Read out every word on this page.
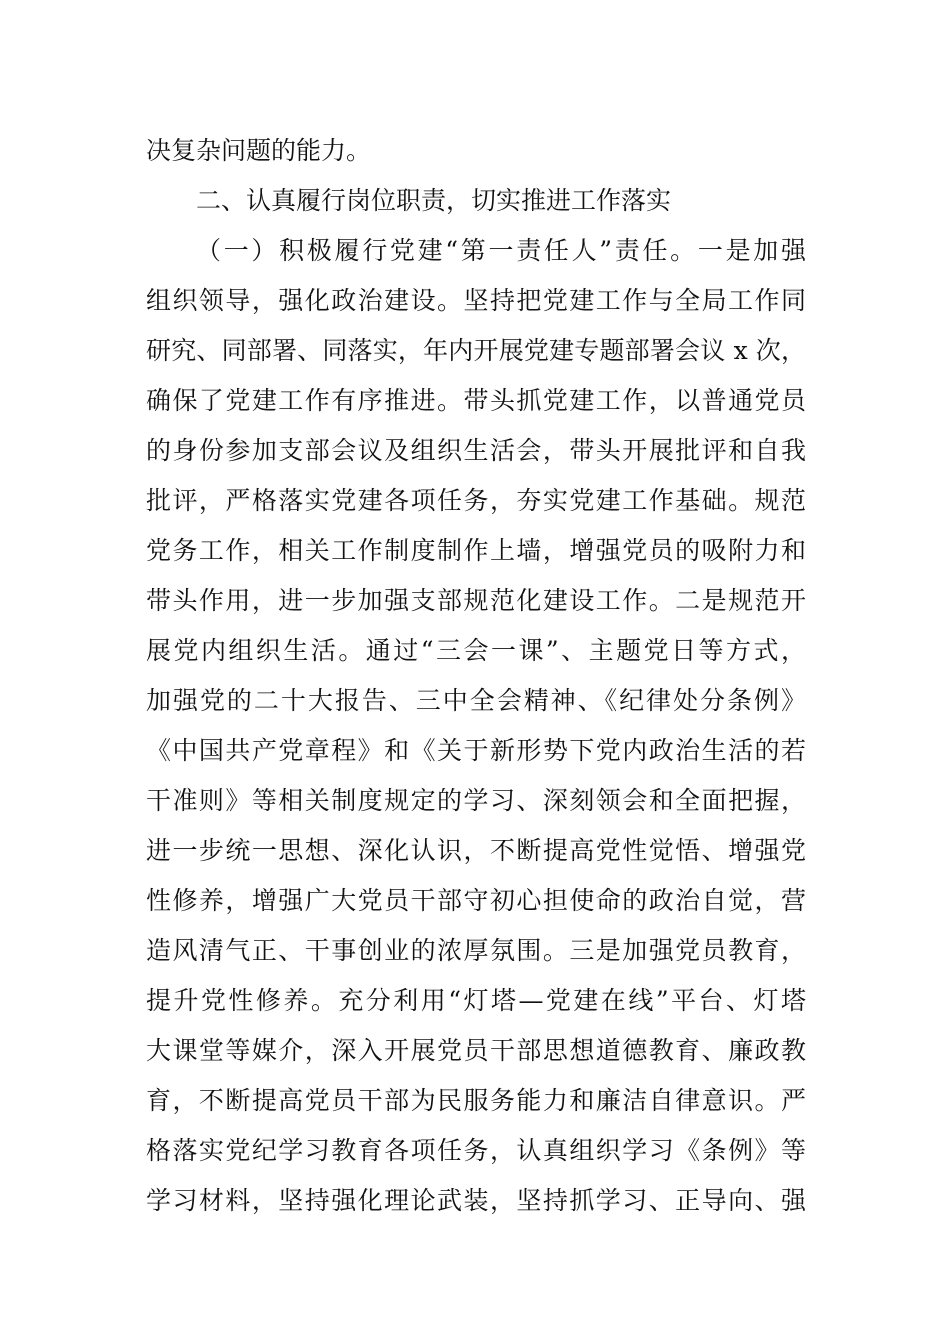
决复杂问题的能力。
二、认真履行岗位职责，切实推进工作落实
（一）积极履行党建“第一责任人”责任。一是加强
组织领导，强化政治建设。坚持把党建工作与全局工作同
研究、同部署、同落实，年内开展党建专题部署会议 x 次，
确保了党建工作有序推进。带头抓党建工作，以普通党员
的身份参加支部会议及组织生活会，带头开展批评和自我
批评，严格落实党建各项任务，夯实党建工作基础。规范
党务工作，相关工作制度制作上墙，增强党员的吸附力和
带头作用，进一步加强支部规范化建设工作。二是规范开
展党内组织生活。通过“三会一课”、主题党日等方式，
加强党的二十大报告、三中全会精神、《纪律处分条例》
《中国共产党章程》和《关于新形势下党内政治生活的若
干准则》等相关制度规定的学习、深刻领会和全面把握，
进一步统一思想、深化认识，不断提高党性觉悟、增强党
性修养，增强广大党员干部守初心担使命的政治自觉，营
造风清气正、干事创业的浓厚氛围。三是加强党员教育，
提升党性修养。充分利用“灯塔—党建在线”平台、灯塔
大课堂等媒介，深入开展党员干部思想道德教育、廉政教
育，不断提高党员干部为民服务能力和廉洁自律意识。严
格落实党纪学习教育各项任务，认真组织学习《条例》等
学习材料，坚持强化理论武装，坚持抓学习、正导向、强
